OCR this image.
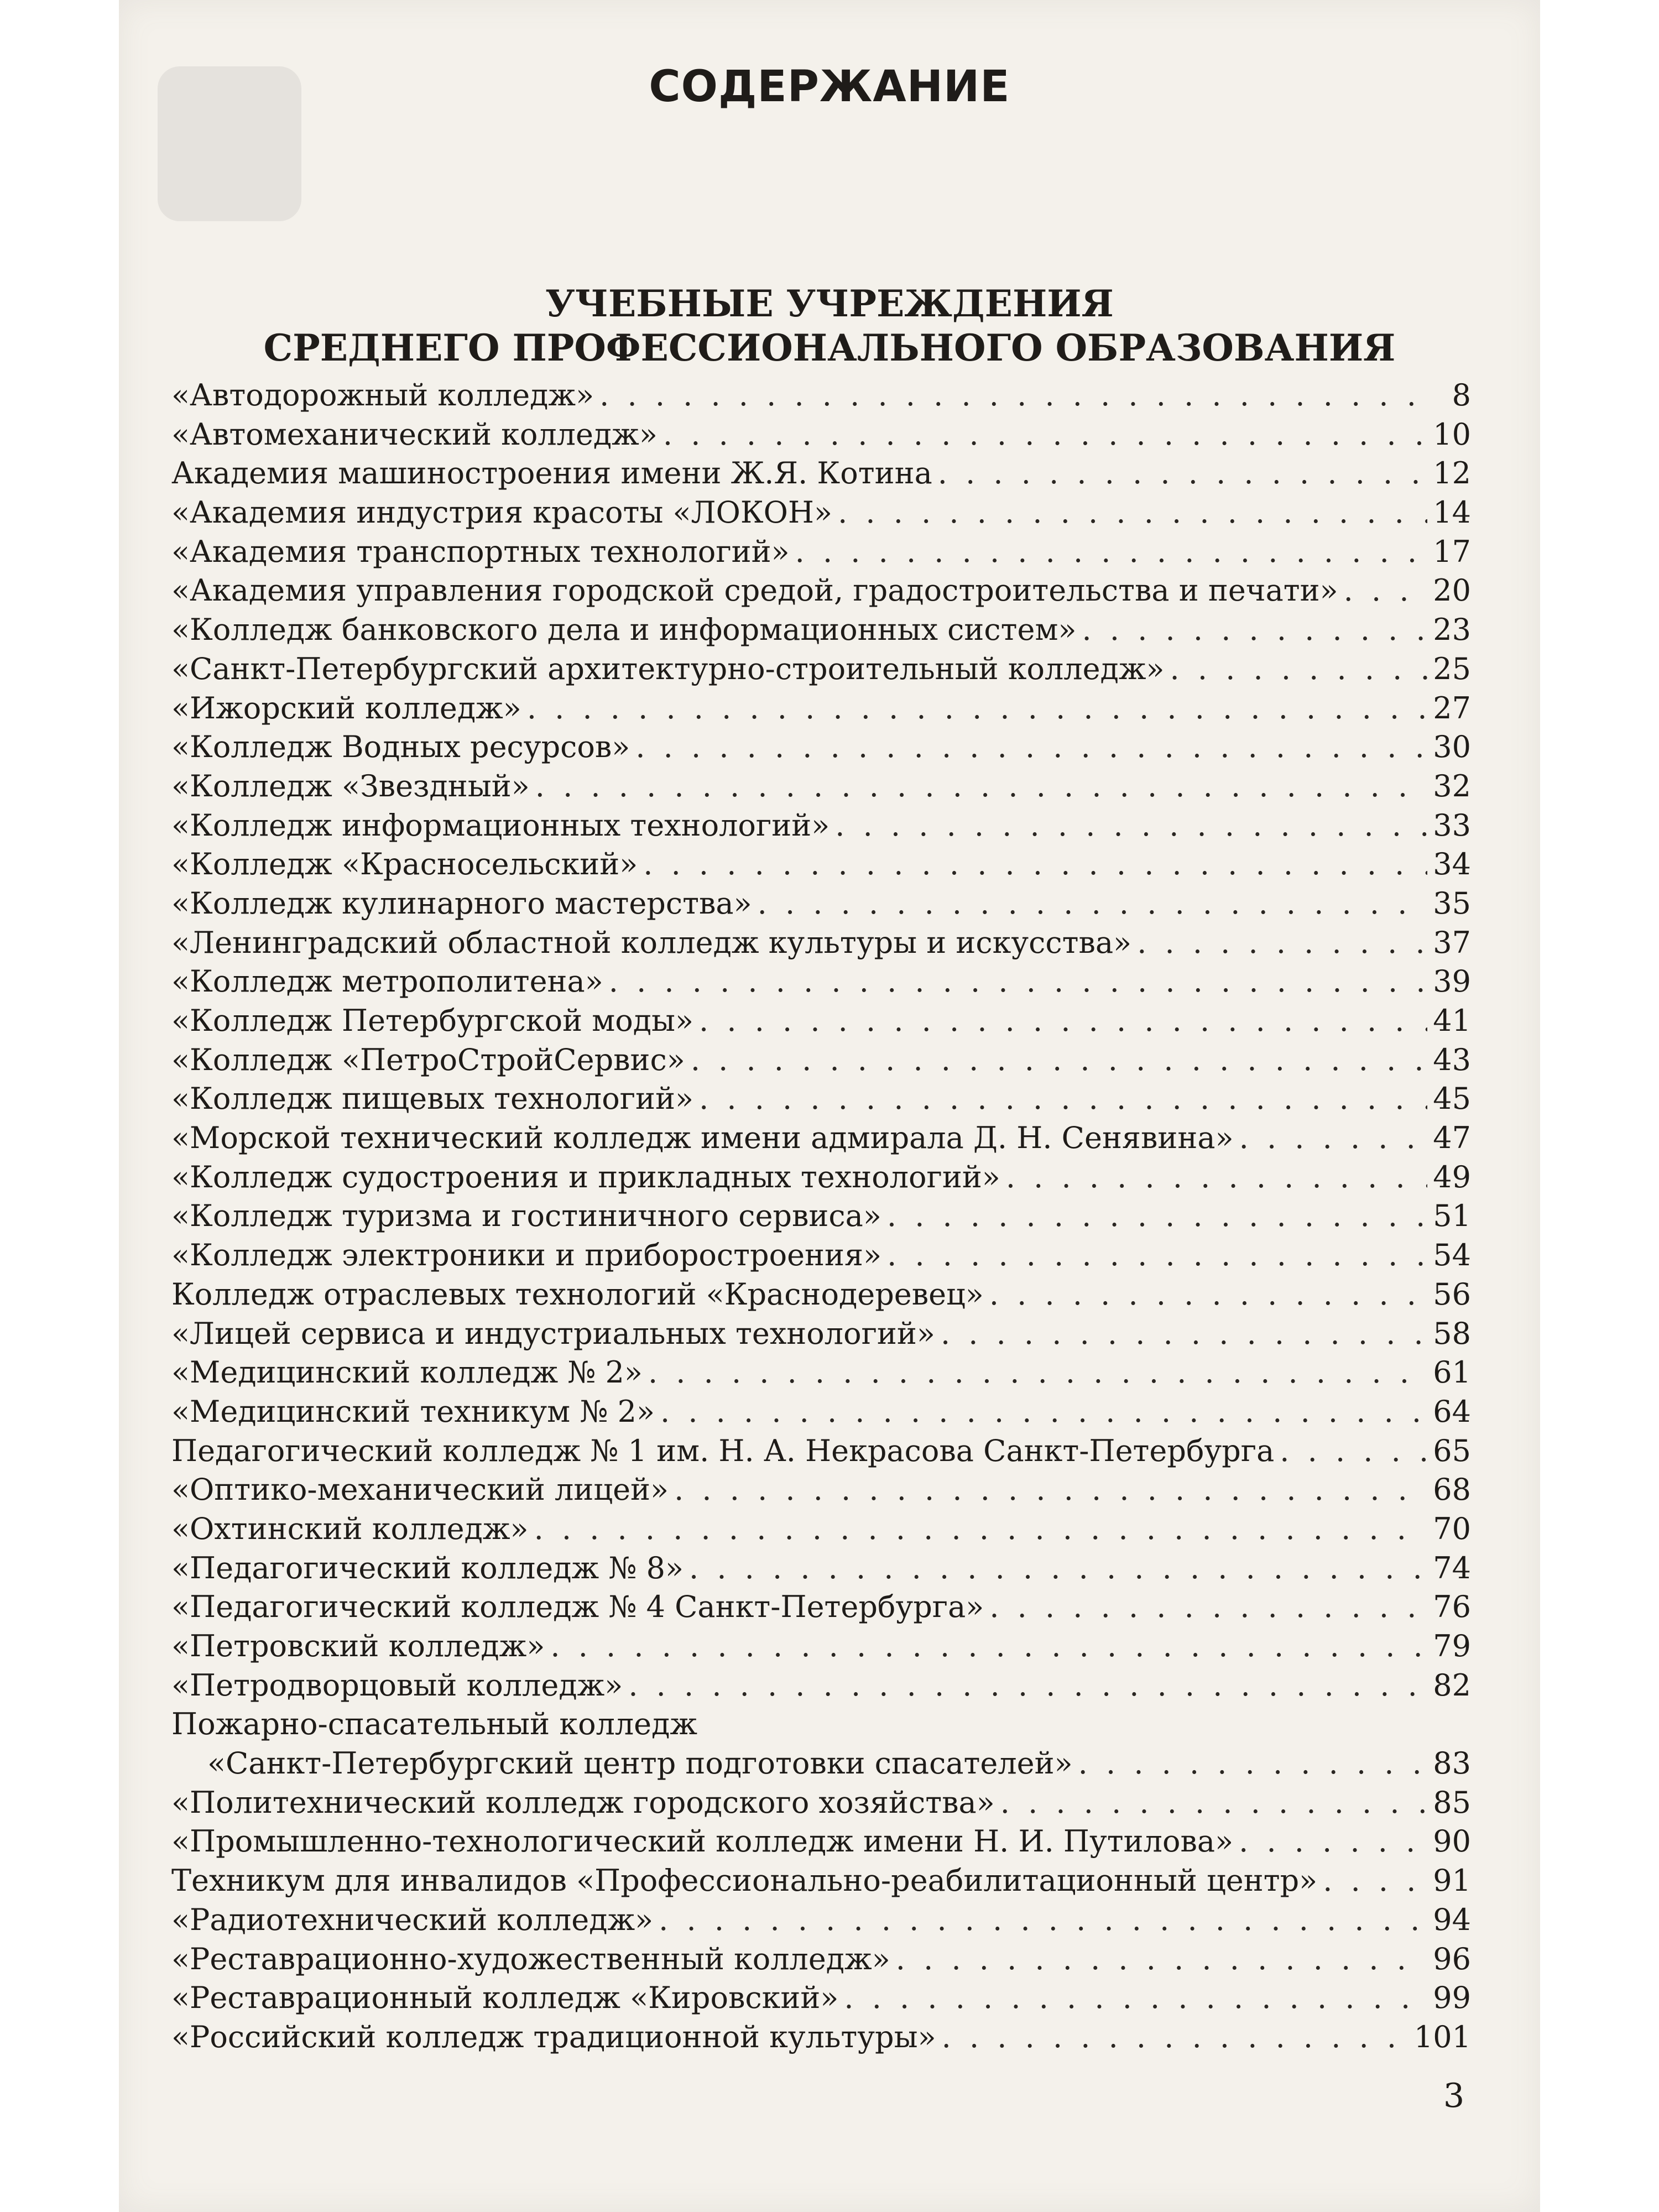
СОДЕРЖАНИЕ
УЧЕБНЫЕ УЧРЕЖДЕНИЯ
СРЕДНЕГО ПРОФЕССИОНАЛЬНОГО ОБРАЗОВАНИЯ
«Автодорожный колледж» . . .	8
«Автомеханический колледж» . . .	10
Академия машиностроения имени Ж.Я. Котина . . .	12
«Академия индустрия красоты «ЛОКОН» . . .	14
«Академия транспортных технологий» . . .	17
«Академия управления городской средой, градостроительства и печати» . . .	20
«Колледж банковского дела и информационных систем» . . .	23
«Санкт-Петербургский архитектурно-строительный колледж» . . .	25
«Ижорский колледж» . . .	27
«Колледж Водных ресурсов» . . .	30
«Колледж «Звездный» . . .	32
«Колледж информационных технологий» . . .	33
«Колледж «Красносельский» . . .	34
«Колледж кулинарного мастерства» . . .	35
«Ленинградский областной колледж культуры и искусства» . . .	37
«Колледж метрополитена» . . .	39
«Колледж Петербургской моды» . . .	41
«Колледж «ПетроСтройСервис» . . .	43
«Колледж пищевых технологий» . . .	45
«Морской технический колледж имени адмирала Д. Н. Сенявина» . . .	47
«Колледж судостроения и прикладных технологий» . . .	49
«Колледж туризма и гостиничного сервиса» . . .	51
«Колледж электроники и приборостроения» . . .	54
Колледж отраслевых технологий «Краснодеревец» . . .	56
«Лицей сервиса и индустриальных технологий» . . .	58
«Медицинский колледж № 2» . . .	61
«Медицинский техникум № 2» . . .	64
Педагогический колледж № 1 им. Н. А. Некрасова Санкт-Петербурга . . .	65
«Оптико-механический лицей» . . .	68
«Охтинский колледж» . . .	70
«Педагогический колледж № 8» . . .	74
«Педагогический колледж № 4 Санкт-Петербурга» . . .	76
«Петровский колледж» . . .	79
«Петродворцовый колледж» . . .	82
Пожарно-спасательный колледж
«Санкт-Петербургский центр подготовки спасателей» . . .	83
«Политехнический колледж городского хозяйства» . . .	85
«Промышленно-технологический колледж имени Н. И. Путилова» . . .	90
Техникум для инвалидов «Профессионально-реабилитационный центр» . . .	91
«Радиотехнический колледж» . . .	94
«Реставрационно-художественный колледж» . . .	96
«Реставрационный колледж «Кировский» . . .	99
«Российский колледж традиционной культуры» . . .	101
3
